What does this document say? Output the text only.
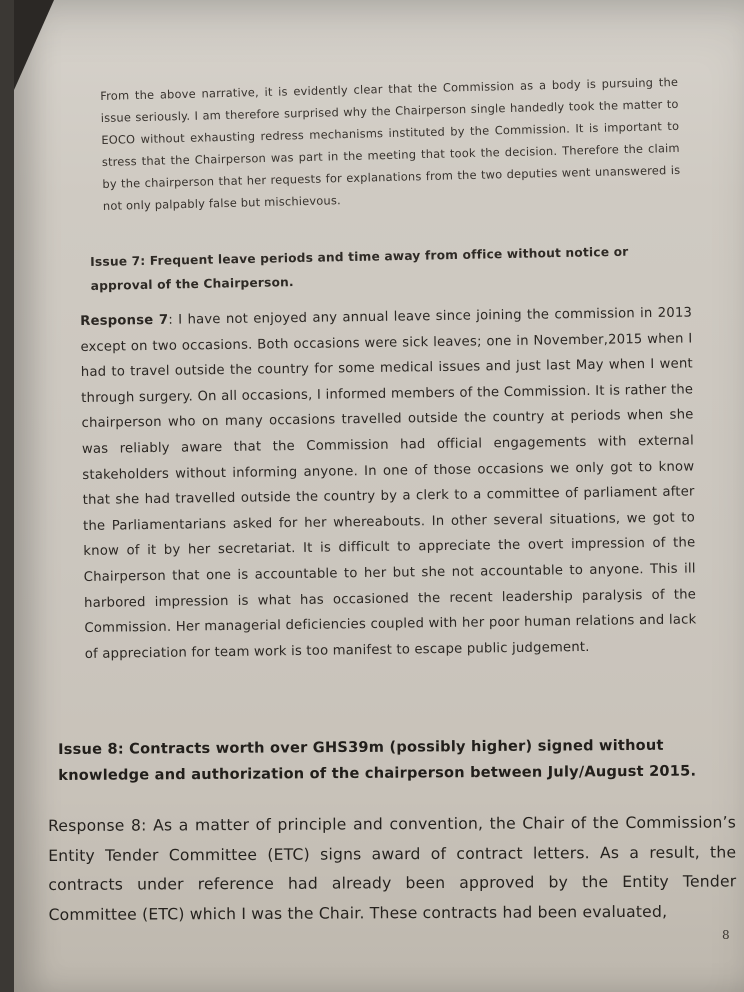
From the above narrative, it is evidently clear that the Commission as a body is pursuing the issue seriously. I am therefore surprised why the Chairperson single handedly took the matter to EOCO without exhausting redress mechanisms instituted by the Commission. It is important to stress that the Chairperson was part in the meeting that took the decision. Therefore the claim by the chairperson that her requests for explanations from the two deputies went unanswered is not only palpably false but mischievous.

Issue 7: Frequent leave periods and time away from office without notice or approval of the Chairperson.

Response 7: I have not enjoyed any annual leave since joining the commission in 2013 except on two occasions. Both occasions were sick leaves; one in November,2015 when I had to travel outside the country for some medical issues and just last May when I went through surgery. On all occasions, I informed members of the Commission. It is rather the chairperson who on many occasions travelled outside the country at periods when she was reliably aware that the Commission had official engagements with external stakeholders without informing anyone. In one of those occasions we only got to know that she had travelled outside the country by a clerk to a committee of parliament after the Parliamentarians asked for her whereabouts. In other several situations, we got to know of it by her secretariat. It is difficult to appreciate the overt impression of the Chairperson that one is accountable to her but she not accountable to anyone. This ill harbored impression is what has occasioned the recent leadership paralysis of the Commission. Her managerial deficiencies coupled with her poor human relations and lack of appreciation for team work is too manifest to escape public judgement.

Issue 8: Contracts worth over GHS39m (possibly higher) signed without knowledge and authorization of the chairperson between July/August 2015.

Response 8: As a matter of principle and convention, the Chair of the Commission’s Entity Tender Committee (ETC) signs award of contract letters. As a result, the contracts under reference had already been approved by the Entity Tender Committee (ETC) which I was the Chair. These contracts had been evaluated,

8
